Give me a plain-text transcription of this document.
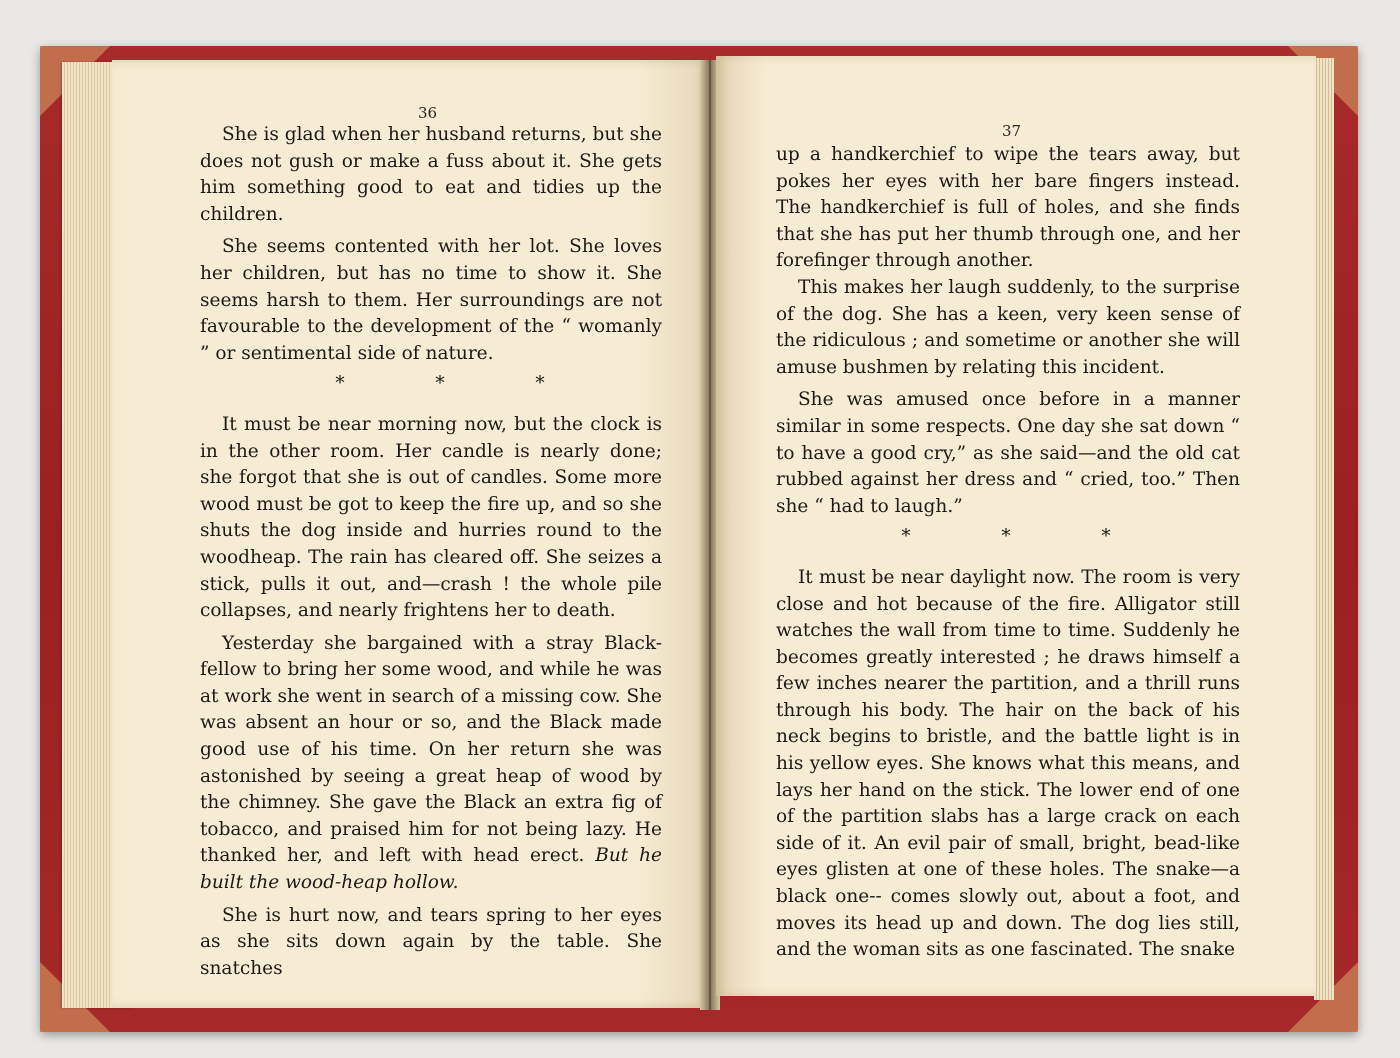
36

She is glad when her husband returns, but she does not gush or make a fuss about it. She gets him something good to eat and tidies up the children.

She seems contented with her lot. She loves her children, but has no time to show it. She seems harsh to them. Her surroundings are not favourable to the development of the “ womanly ” or sentimental side of nature.

*	*	*

It must be near morning now, but the clock is in the other room. Her candle is nearly done; she forgot that she is out of candles. Some more wood must be got to keep the fire up, and so she shuts the dog inside and hurries round to the woodheap. The rain has cleared off. She seizes a stick, pulls it out, and—crash ! the whole pile collapses, and nearly frightens her to death.

Yesterday she bargained with a stray Black-fellow to bring her some wood, and while he was at work she went in search of a missing cow. She was absent an hour or so, and the Black made good use of his time. On her return she was astonished by seeing a great heap of wood by the chimney. She gave the Black an extra fig of tobacco, and praised him for not being lazy. He thanked her, and left with head erect. But he built the wood-heap hollow.

She is hurt now, and tears spring to her eyes as she sits down again by the table. She snatches

37

up a handkerchief to wipe the tears away, but pokes her eyes with her bare fingers instead. The handkerchief is full of holes, and she finds that she has put her thumb through one, and her forefinger through another.

This makes her laugh suddenly, to the surprise of the dog. She has a keen, very keen sense of the ridiculous ; and sometime or another she will amuse bushmen by relating this incident.

She was amused once before in a manner similar in some respects. One day she sat down “ to have a good cry,” as she said—and the old cat rubbed against her dress and “ cried, too.” Then she “ had to laugh.”

*	*	*

It must be near daylight now. The room is very close and hot because of the fire. Alligator still watches the wall from time to time. Suddenly he becomes greatly interested ; he draws himself a few inches nearer the partition, and a thrill runs through his body. The hair on the back of his neck begins to bristle, and the battle light is in his yellow eyes. She knows what this means, and lays her hand on the stick. The lower end of one of the partition slabs has a large crack on each side of it. An evil pair of small, bright, bead-like eyes glisten at one of these holes. The snake—a black one-- comes slowly out, about a foot, and moves its head up and down. The dog lies still, and the woman sits as one fascinated. The snake
